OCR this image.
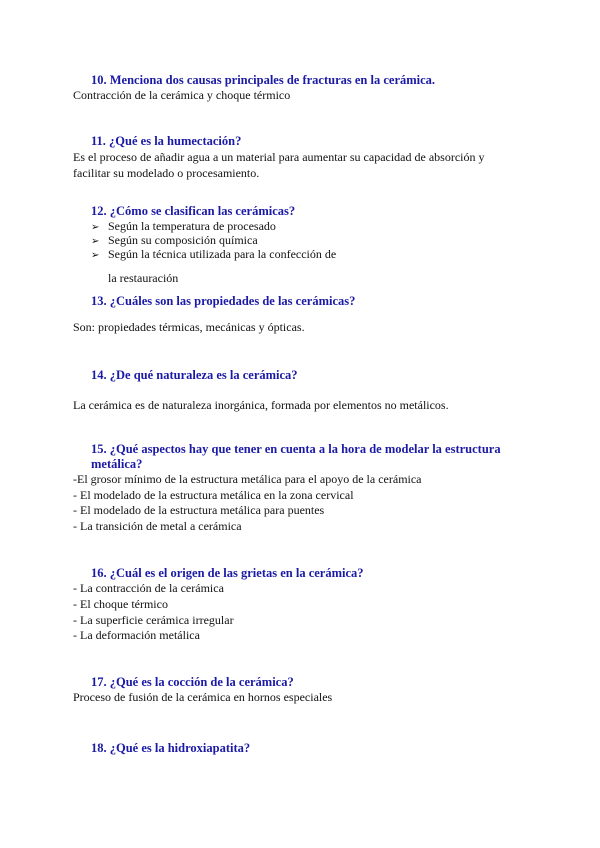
10. Menciona dos causas principales de fracturas en la cerámica.
Contracción de la cerámica y choque térmico
11. ¿Qué es la humectación?
Es el proceso de añadir agua a un material para aumentar su capacidad de absorción y facilitar su modelado o procesamiento.
12. ¿Cómo se clasifican las cerámicas?
➢ Según la temperatura de procesado
➢ Según su composición química
➢ Según la técnica utilizada para la confección de
la restauración
13. ¿Cuáles son las propiedades de las cerámicas?
Son: propiedades térmicas, mecánicas y ópticas.
14. ¿De qué naturaleza es la cerámica?
La cerámica es de naturaleza inorgánica, formada por elementos no metálicos.
15. ¿Qué aspectos hay que tener en cuenta a la hora de modelar la estructura metálica?
-El grosor mínimo de la estructura metálica para el apoyo de la cerámica
- El modelado de la estructura metálica en la zona cervical
- El modelado de la estructura metálica para puentes
- La transición de metal a cerámica
16. ¿Cuál es el origen de las grietas en la cerámica?
- La contracción de la cerámica
- El choque térmico
- La superficie cerámica irregular
- La deformación metálica
17. ¿Qué es la cocción de la cerámica?
Proceso de fusión de la cerámica en hornos especiales
18. ¿Qué es la hidroxiapatita?
